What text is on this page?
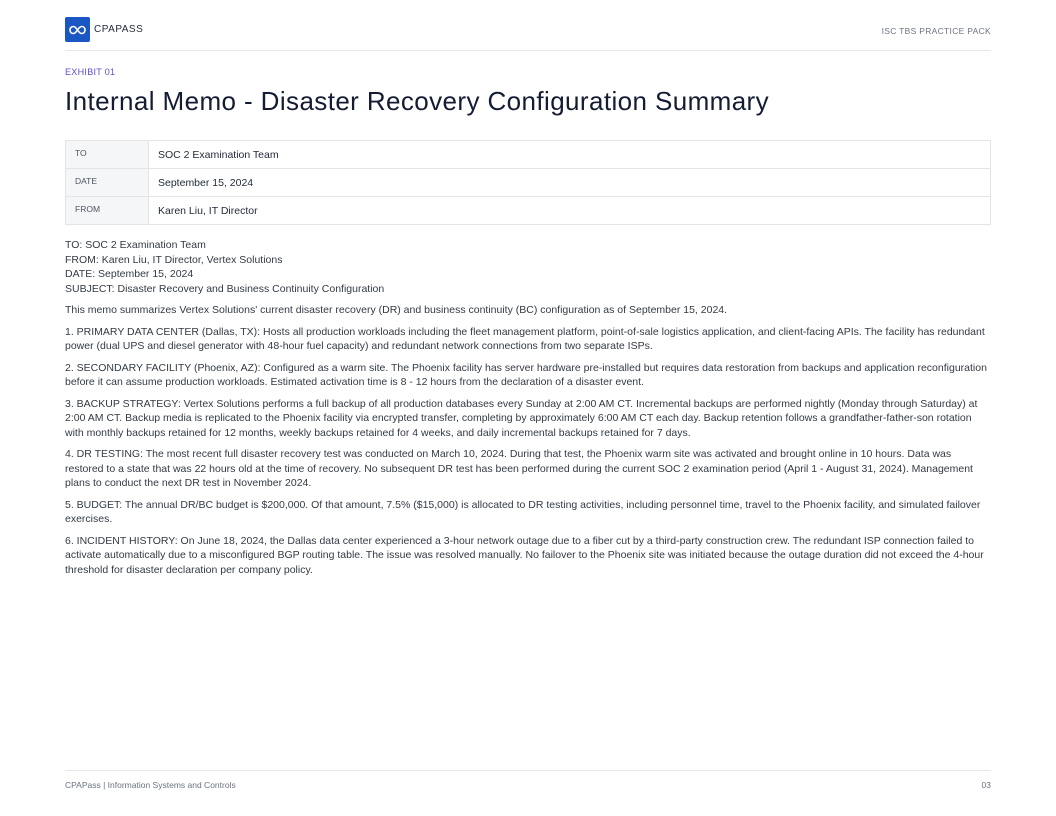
CPAPASS	ISC TBS PRACTICE PACK
EXHIBIT 01
Internal Memo - Disaster Recovery Configuration Summary
TO	SOC 2 Examination Team
DATE	September 15, 2024
FROM	Karen Liu, IT Director

TO: SOC 2 Examination Team
FROM: Karen Liu, IT Director, Vertex Solutions
DATE: September 15, 2024
SUBJECT: Disaster Recovery and Business Continuity Configuration

This memo summarizes Vertex Solutions' current disaster recovery (DR) and business continuity (BC) configuration as of September 15, 2024.

1. PRIMARY DATA CENTER (Dallas, TX): Hosts all production workloads including the fleet management platform, point-of-sale logistics application, and client-facing APIs. The facility has redundant power (dual UPS and diesel generator with 48-hour fuel capacity) and redundant network connections from two separate ISPs.

2. SECONDARY FACILITY (Phoenix, AZ): Configured as a warm site. The Phoenix facility has server hardware pre-installed but requires data restoration from backups and application reconfiguration before it can assume production workloads. Estimated activation time is 8 - 12 hours from the declaration of a disaster event.

3. BACKUP STRATEGY: Vertex Solutions performs a full backup of all production databases every Sunday at 2:00 AM CT. Incremental backups are performed nightly (Monday through Saturday) at 2:00 AM CT. Backup media is replicated to the Phoenix facility via encrypted transfer, completing by approximately 6:00 AM CT each day. Backup retention follows a grandfather-father-son rotation with monthly backups retained for 12 months, weekly backups retained for 4 weeks, and daily incremental backups retained for 7 days.

4. DR TESTING: The most recent full disaster recovery test was conducted on March 10, 2024. During that test, the Phoenix warm site was activated and brought online in 10 hours. Data was restored to a state that was 22 hours old at the time of recovery. No subsequent DR test has been performed during the current SOC 2 examination period (April 1 - August 31, 2024). Management plans to conduct the next DR test in November 2024.

5. BUDGET: The annual DR/BC budget is $200,000. Of that amount, 7.5% ($15,000) is allocated to DR testing activities, including personnel time, travel to the Phoenix facility, and simulated failover exercises.

6. INCIDENT HISTORY: On June 18, 2024, the Dallas data center experienced a 3-hour network outage due to a fiber cut by a third-party construction crew. The redundant ISP connection failed to activate automatically due to a misconfigured BGP routing table. The issue was resolved manually. No failover to the Phoenix site was initiated because the outage duration did not exceed the 4-hour threshold for disaster declaration per company policy.

CPAPass | Information Systems and Controls	03
